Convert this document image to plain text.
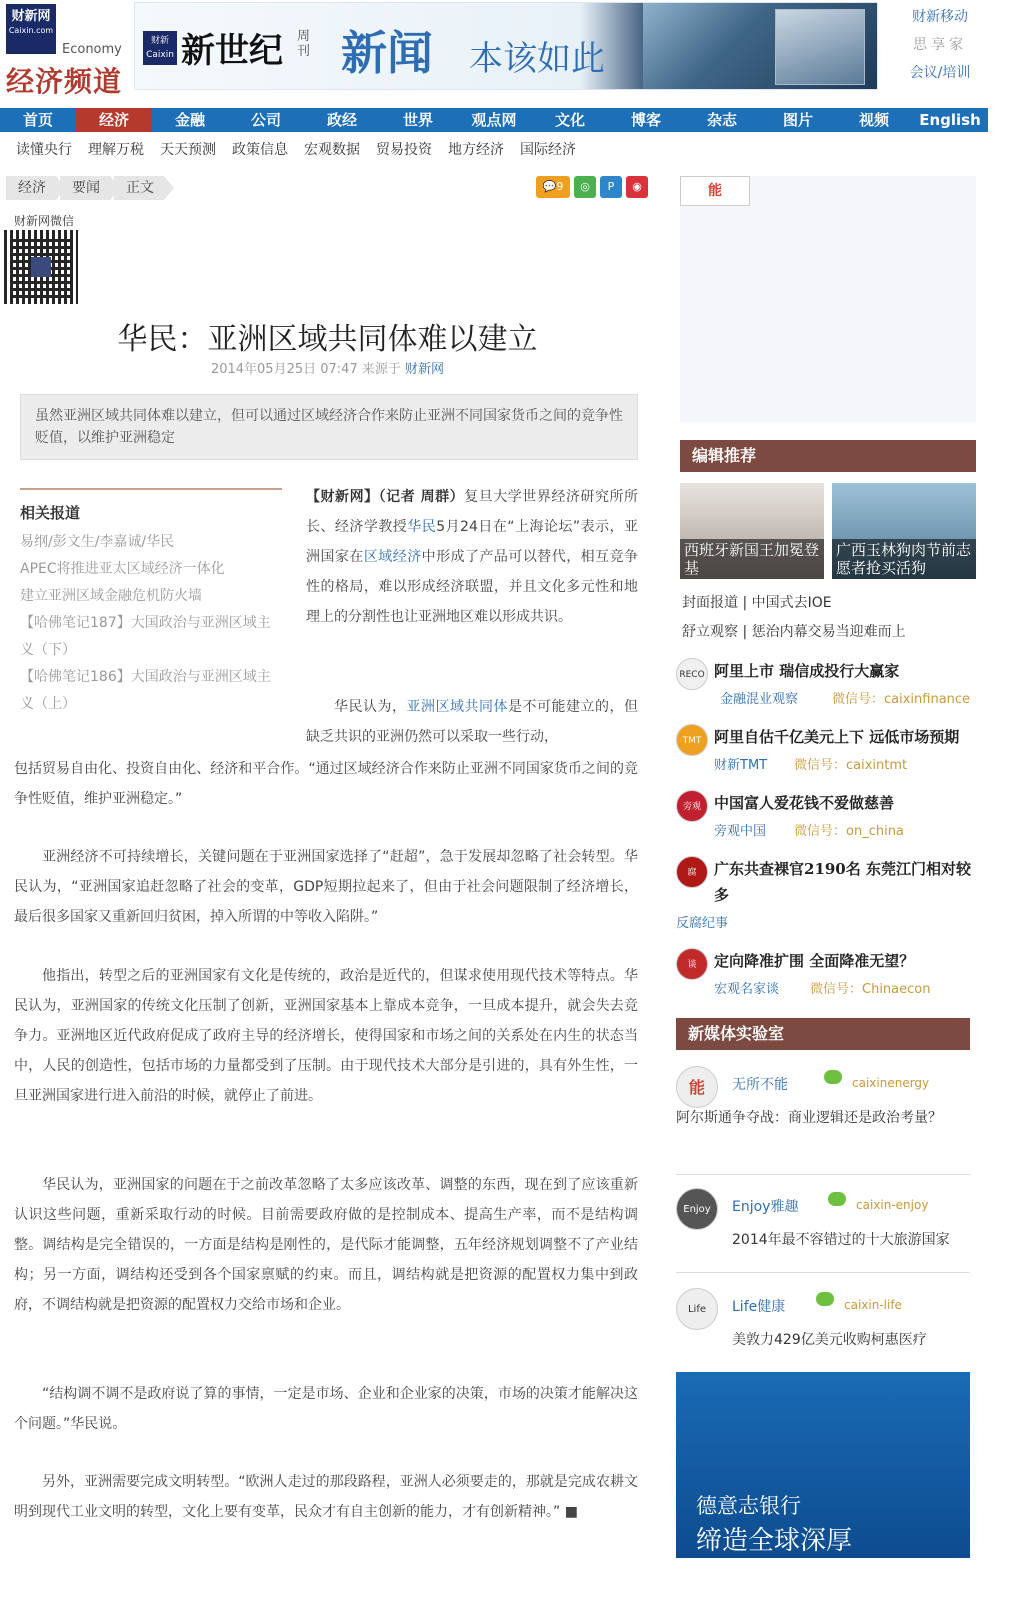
财新网
Caixin.com
Economy
经济频道
财新 Caixin 新世纪 周刊 新闻 本该如此
财新移动
思享家
会议/培训
首页	经济	金融	公司	政经	世界	观点网	文化	博客	杂志	图片	视频	English
读懂央行 理解万税 天天预测 政策信息 宏观数据 贸易投资 地方经济 国际经济
经济	要闻	正文	💬9	◎	P	◉
财新网微信
华民：亚洲区域共同体难以建立
2014年05月25日 07:47 来源于 财新网
虽然亚洲区域共同体难以建立，但可以通过区域经济合作来防止亚洲不同国家货币之间的竞争性贬值，以维护亚洲稳定
相关报道
易纲/彭文生/李嘉诚/华民
APEC将推进亚太区域经济一体化
建立亚洲区域金融危机防火墙
【哈佛笔记187】大国政治与亚洲区域主义（下）
【哈佛笔记186】大国政治与亚洲区域主义（上）
【财新网】（记者 周群）复旦大学世界经济研究所所长、经济学教授华民5月24日在“上海论坛”表示，亚洲国家在区域经济中形成了产品可以替代，相互竞争性的格局，难以形成经济联盟，并且文化多元性和地理上的分割性也让亚洲地区难以形成共识。
华民认为，亚洲区域共同体是不可能建立的，但缺乏共识的亚洲仍然可以采取一些行动，
包括贸易自由化、投资自由化、经济和平合作。“通过区域经济合作来防止亚洲不同国家货币之间的竞争性贬值，维护亚洲稳定。”
亚洲经济不可持续增长，关键问题在于亚洲国家选择了“赶超”，急于发展却忽略了社会转型。华民认为，“亚洲国家追赶忽略了社会的变革，GDP短期拉起来了，但由于社会问题限制了经济增长，最后很多国家又重新回归贫困，掉入所谓的中等收入陷阱。”
他指出，转型之后的亚洲国家有文化是传统的，政治是近代的，但谋求使用现代技术等特点。华民认为，亚洲国家的传统文化压制了创新，亚洲国家基本上靠成本竞争，一旦成本提升，就会失去竞争力。亚洲地区近代政府促成了政府主导的经济增长，使得国家和市场之间的关系处在内生的状态当中，人民的创造性，包括市场的力量都受到了压制。由于现代技术大部分是引进的，具有外生性，一旦亚洲国家进行进入前沿的时候，就停止了前进。
华民认为，亚洲国家的问题在于之前改革忽略了太多应该改革、调整的东西，现在到了应该重新认识这些问题，重新采取行动的时候。目前需要政府做的是控制成本、提高生产率，而不是结构调整。调结构是完全错误的，一方面是结构是刚性的，是代际才能调整，五年经济规划调整不了产业结构；另一方面，调结构还受到各个国家禀赋的约束。而且，调结构就是把资源的配置权力集中到政府，不调结构就是把资源的配置权力交给市场和企业。
“结构调不调不是政府说了算的事情，一定是市场、企业和企业家的决策，市场的决策才能解决这个问题。”华民说。
另外，亚洲需要完成文明转型。“欧洲人走过的那段路程，亚洲人必须要走的，那就是完成农耕文明到现代工业文明的转型，文化上要有变革，民众才有自主创新的能力，才有创新精神。” ■
能
编辑推荐
西班牙新国王加冕登基
广西玉林狗肉节前志愿者抢买活狗
封面报道 | 中国式去IOE
舒立观察 | 惩治内幕交易当迎难而上
RECO 阿里上市 瑞信成投行大赢家
金融混业观察	微信号：caixinfinance
TMT 阿里自估千亿美元上下 远低市场预期
财新TMT 微信号：caixintmt
旁观 中国富人爱花钱不爱做慈善
旁观中国 微信号：on_china
腐	广东共查裸官2190名 东莞江门相对较多
反腐纪事
谈	定向降准扩围 全面降准无望？
宏观名家谈 微信号：Chinaecon
新媒体实验室
能	无所不能	caixinenergy
阿尔斯通争夺战：商业逻辑还是政治考量？
Enjoy	Enjoy雅趣	caixin-enjoy
2014年最不容错过的十大旅游国家
Life	Life健康	caixin-life
美敦力429亿美元收购柯惠医疗
德意志银行
缔造全球深厚
